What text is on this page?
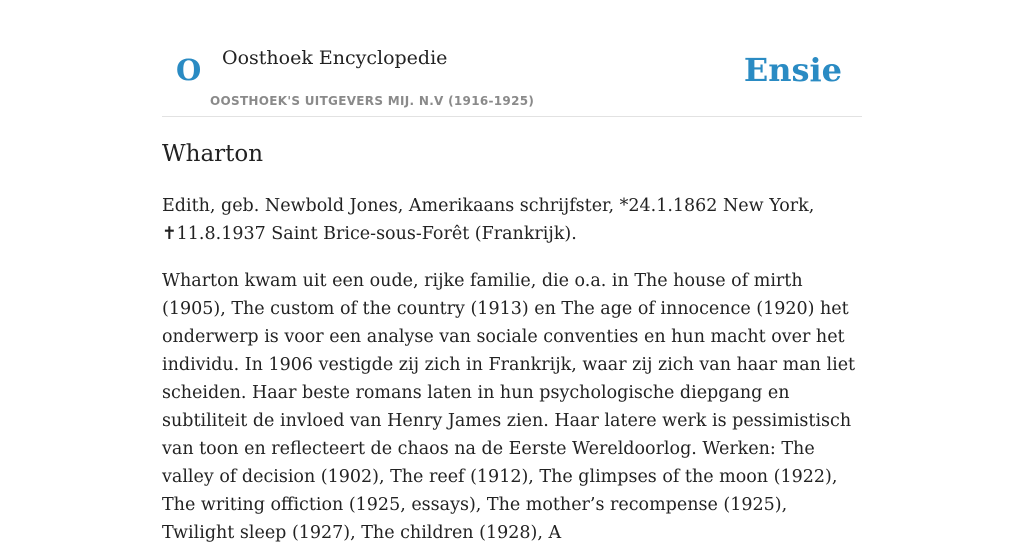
O Oosthoek Encyclopedie
OOSTHOEK'S UITGEVERS MIJ. N.V (1916-1925)
Ensie
Wharton

Edith, geb. Newbold Jones, Amerikaans schrijfster, *24.1.1862 New York,
✝11.8.1937 Saint Brice-sous-Forêt (Frankrijk).

Wharton kwam uit een oude, rijke familie, die o.a. in The house of mirth (1905), The custom of the country (1913) en The age of innocence (1920) het onderwerp is voor een analyse van sociale conventies en hun macht over het individu. In 1906 vestigde zij zich in Frankrijk, waar zij zich van haar man liet scheiden. Haar beste romans laten in hun psychologische diepgang en subtiliteit de invloed van Henry James zien. Haar latere werk is pessimistisch van toon en reflecteert de chaos na de Eerste Wereldoorlog. Werken: The valley of decision (1902), The reef (1912), The glimpses of the moon (1922), The writing offiction (1925, essays), The mother’s recompense (1925), Twilight sleep (1927), The children (1928), A
